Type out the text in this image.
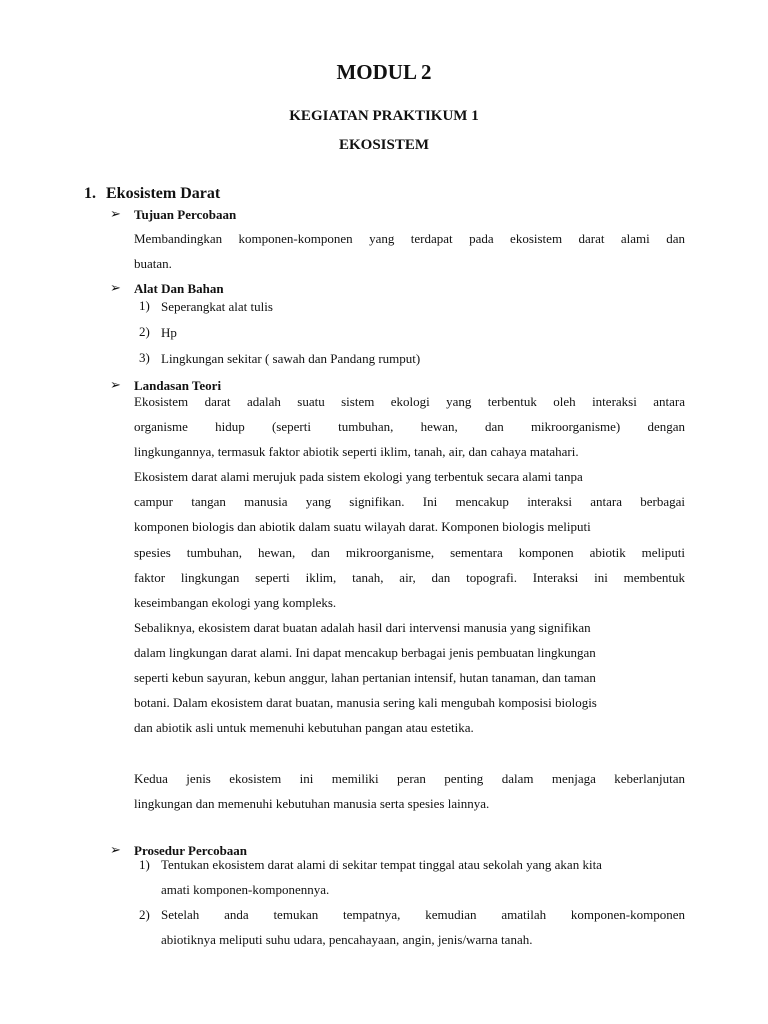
MODUL 2
KEGIATAN PRAKTIKUM 1
EKOSISTEM
1. Ekosistem Darat
➢ Tujuan Percobaan
Membandingkan komponen-komponen yang terdapat pada ekosistem darat alami dan
buatan.
➢ Alat Dan Bahan
1) Seperangkat alat tulis
2) Hp
3) Lingkungan sekitar ( sawah dan Pandang rumput)
➢ Landasan Teori
Ekosistem darat adalah suatu sistem ekologi yang terbentuk oleh interaksi antara
organisme hidup (seperti tumbuhan, hewan, dan mikroorganisme) dengan
lingkungannya, termasuk faktor abiotik seperti iklim, tanah, air, dan cahaya matahari.
Ekosistem darat alami merujuk pada sistem ekologi yang terbentuk secara alami tanpa
campur tangan manusia yang signifikan. Ini mencakup interaksi antara berbagai
komponen biologis dan abiotik dalam suatu wilayah darat. Komponen biologis meliputi
spesies tumbuhan, hewan, dan mikroorganisme, sementara komponen abiotik meliputi
faktor lingkungan seperti iklim, tanah, air, dan topografi. Interaksi ini membentuk
keseimbangan ekologi yang kompleks.
Sebaliknya, ekosistem darat buatan adalah hasil dari intervensi manusia yang signifikan
dalam lingkungan darat alami. Ini dapat mencakup berbagai jenis pembuatan lingkungan
seperti kebun sayuran, kebun anggur, lahan pertanian intensif, hutan tanaman, dan taman
botani. Dalam ekosistem darat buatan, manusia sering kali mengubah komposisi biologis
dan abiotik asli untuk memenuhi kebutuhan pangan atau estetika.
Kedua jenis ekosistem ini memiliki peran penting dalam menjaga keberlanjutan
lingkungan dan memenuhi kebutuhan manusia serta spesies lainnya.
➢ Prosedur Percobaan
1) Tentukan ekosistem darat alami di sekitar tempat tinggal atau sekolah yang akan kita
amati komponen-komponennya.
2) Setelah anda temukan tempatnya, kemudian amatilah komponen-komponen
abiotiknya meliputi suhu udara, pencahayaan, angin, jenis/warna tanah.
